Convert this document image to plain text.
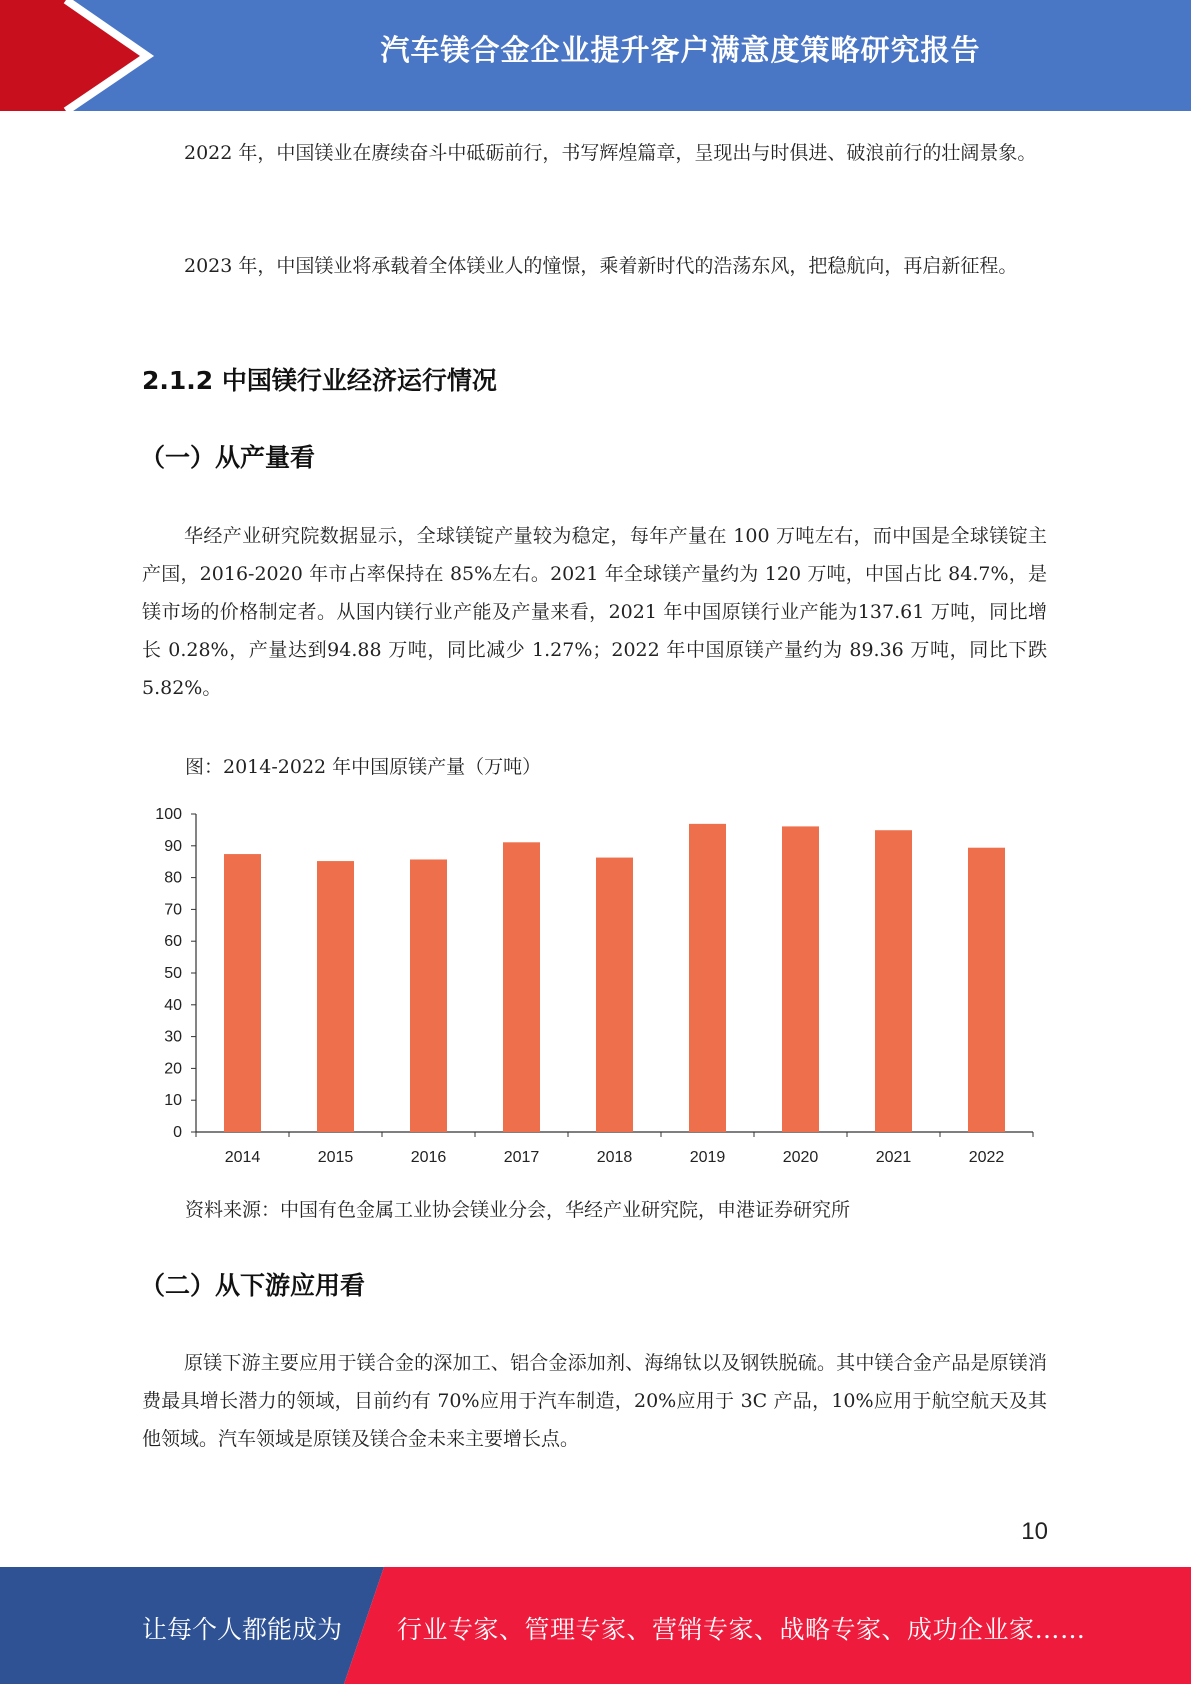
汽车镁合金企业提升客户满意度策略研究报告

2022 年，中国镁业在赓续奋斗中砥砺前行，书写辉煌篇章，呈现出与时俱进、破浪前行的壮阔景象。

2023 年，中国镁业将承载着全体镁业人的憧憬，乘着新时代的浩荡东风，把稳航向，再启新征程。

2.1.2 中国镁行业经济运行情况
（一）从产量看

华经产业研究院数据显示，全球镁锭产量较为稳定，每年产量在 100 万吨左右，而中国是全球镁锭主产国，2016-2020 年市占率保持在 85%左右。2021 年全球镁产量约为 120 万吨，中国占比 84.7%，是镁市场的价格制定者。从国内镁行业产能及产量来看，2021 年中国原镁行业产能为137.61 万吨，同比增长 0.28%，产量达到94.88 万吨，同比减少 1.27%；2022 年中国原镁产量约为 89.36 万吨，同比下跌 5.82%。

图：2014-2022 年中国原镁产量（万吨）
0
10
20
30
40
50
60
70
80
90
100
2014	2015	2016	2017	2018	2019	2020	2021	2022
资料来源：中国有色金属工业协会镁业分会，华经产业研究院，申港证券研究所
（二）从下游应用看

原镁下游主要应用于镁合金的深加工、铝合金添加剂、海绵钛以及钢铁脱硫。其中镁合金产品是原镁消费最具增长潜力的领域，目前约有 70%应用于汽车制造，20%应用于 3C 产品，10%应用于航空航天及其他领域。汽车领域是原镁及镁合金未来主要增长点。

10
让每个人都能成为 行业专家、管理专家、营销专家、战略专家、成功企业家……
